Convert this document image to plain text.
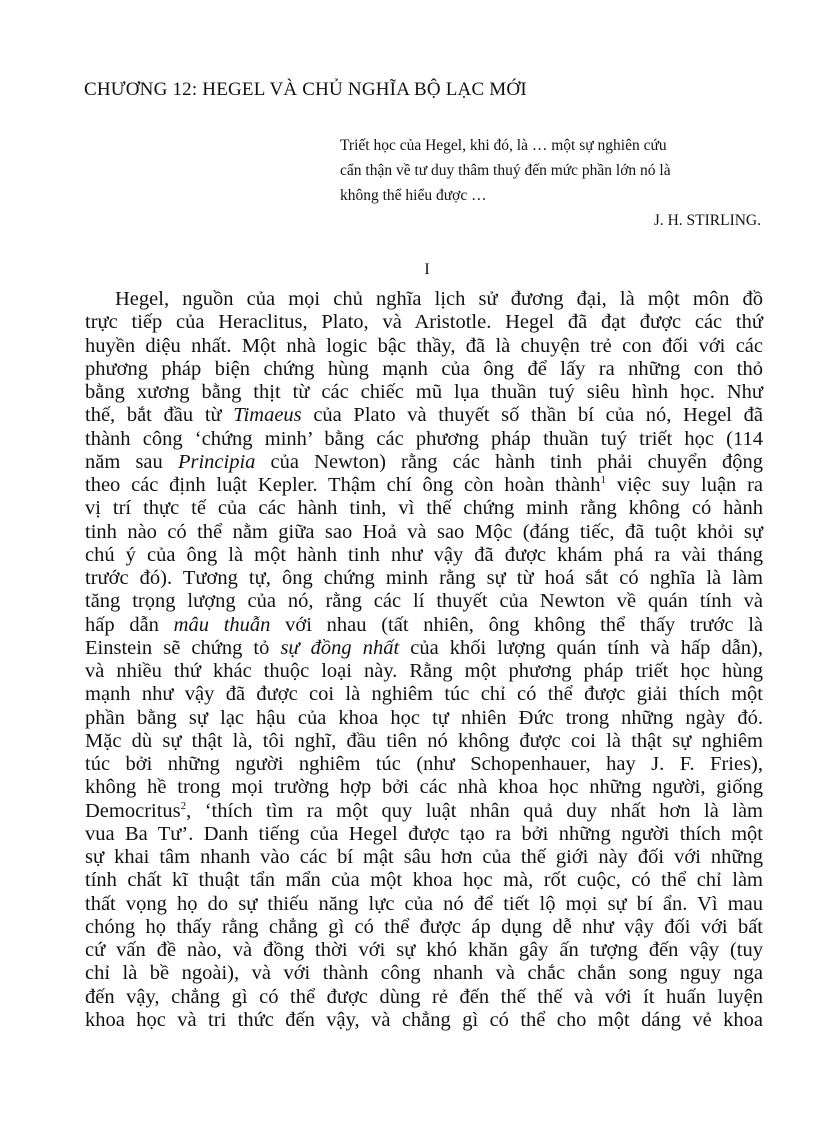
CHƯƠNG 12: HEGEL VÀ CHỦ NGHĨA BỘ LẠC MỚI
Triết học của Hegel, khi đó, là … một sự nghiên cứu
cẩn thận về tư duy thâm thuý đến mức phần lớn nó là
không thể hiểu được …
J. H. STIRLING.
I
Hegel, nguồn của mọi chủ nghĩa lịch sử đương đại, là một môn đồ
trực tiếp của Heraclitus, Plato, và Aristotle. Hegel đã đạt được các thứ
huyền diệu nhất. Một nhà logic bậc thầy, đã là chuyện trẻ con đối với các
phương pháp biện chứng hùng mạnh của ông để lấy ra những con thỏ
bằng xương bằng thịt từ các chiếc mũ lụa thuần tuý siêu hình học. Như
thế, bắt đầu từ Timaeus của Plato và thuyết số thần bí của nó, Hegel đã
thành công ‘chứng minh’ bằng các phương pháp thuần tuý triết học (114
năm sau Principia của Newton) rằng các hành tinh phải chuyển động
theo các định luật Kepler. Thậm chí ông còn hoàn thành$^1$ việc suy luận ra
vị trí thực tế của các hành tinh, vì thế chứng minh rằng không có hành
tinh nào có thể nằm giữa sao Hoả và sao Mộc (đáng tiếc, đã tuột khỏi sự
chú ý của ông là một hành tinh như vậy đã được khám phá ra vài tháng
trước đó). Tương tự, ông chứng minh rằng sự từ hoá sắt có nghĩa là làm
tăng trọng lượng của nó, rằng các lí thuyết của Newton về quán tính và
hấp dẫn mâu thuẫn với nhau (tất nhiên, ông không thể thấy trước là
Einstein sẽ chứng tỏ sự đồng nhất của khối lượng quán tính và hấp dẫn),
và nhiều thứ khác thuộc loại này. Rằng một phương pháp triết học hùng
mạnh như vậy đã được coi là nghiêm túc chỉ có thể được giải thích một
phần bằng sự lạc hậu của khoa học tự nhiên Đức trong những ngày đó.
Mặc dù sự thật là, tôi nghĩ, đầu tiên nó không được coi là thật sự nghiêm
túc bởi những người nghiêm túc (như Schopenhauer, hay J. F. Fries),
không hề trong mọi trường hợp bởi các nhà khoa học những người, giống
Democritus$^2$, ‘thích tìm ra một quy luật nhân quả duy nhất hơn là làm
vua Ba Tư’. Danh tiếng của Hegel được tạo ra bởi những người thích một
sự khai tâm nhanh vào các bí mật sâu hơn của thế giới này đối với những
tính chất kĩ thuật tẩn mẩn của một khoa học mà, rốt cuộc, có thể chỉ làm
thất vọng họ do sự thiếu năng lực của nó để tiết lộ mọi sự bí ẩn. Vì mau
chóng họ thấy rằng chẳng gì có thể được áp dụng dễ như vậy đối với bất
cứ vấn đề nào, và đồng thời với sự khó khăn gây ấn tượng đến vậy (tuy
chỉ là bề ngoài), và với thành công nhanh và chắc chắn song nguy nga
đến vậy, chẳng gì có thể được dùng rẻ đến thế thế và với ít huấn luyện
khoa học và tri thức đến vậy, và chẳng gì có thể cho một dáng vẻ khoa
